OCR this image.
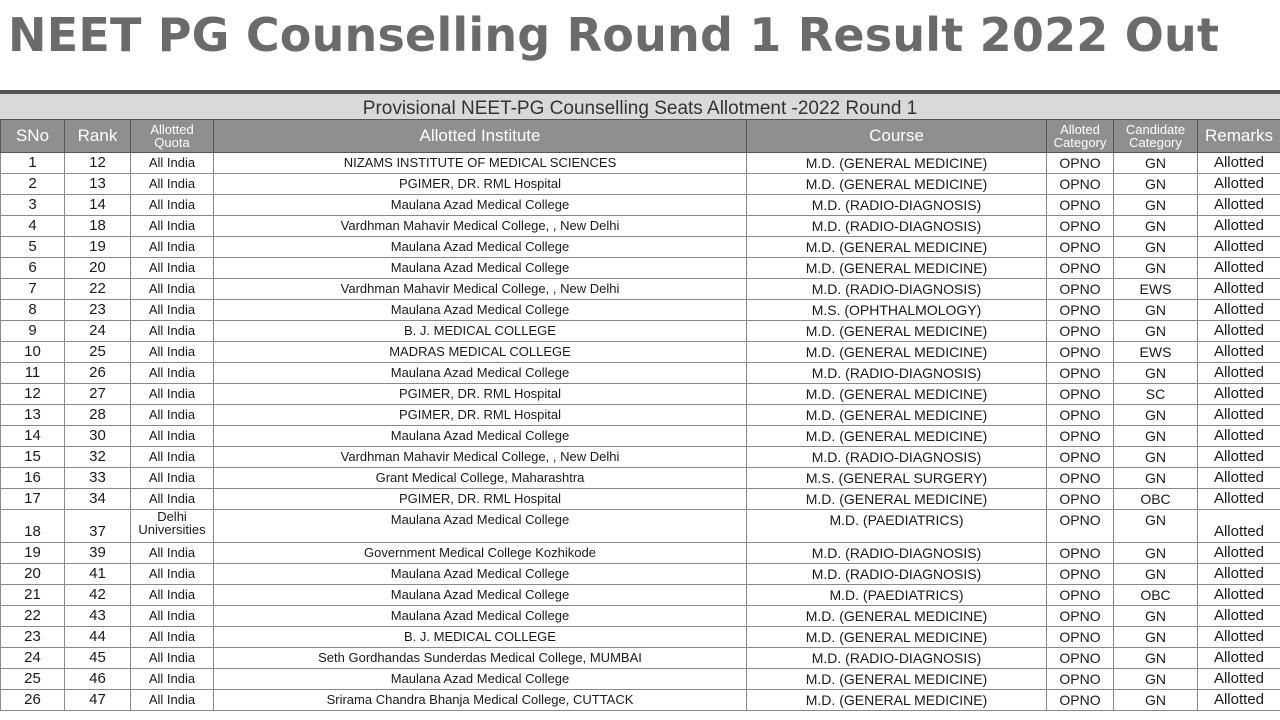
NEET PG Counselling Round 1 Result 2022 Out
Provisional NEET-PG Counselling Seats Allotment -2022 Round 1
SNo	Rank	Allotted Quota	Allotted Institute	Course	Alloted Category	Candidate Category	Remarks
1	12	All India	NIZAMS INSTITUTE OF MEDICAL SCIENCES	M.D. (GENERAL MEDICINE)	OPNO	GN	Allotted
2	13	All India	PGIMER, DR. RML Hospital	M.D. (GENERAL MEDICINE)	OPNO	GN	Allotted
3	14	All India	Maulana Azad Medical College	M.D. (RADIO-DIAGNOSIS)	OPNO	GN	Allotted
4	18	All India	Vardhman Mahavir Medical College, , New Delhi	M.D. (RADIO-DIAGNOSIS)	OPNO	GN	Allotted
5	19	All India	Maulana Azad Medical College	M.D. (GENERAL MEDICINE)	OPNO	GN	Allotted
6	20	All India	Maulana Azad Medical College	M.D. (GENERAL MEDICINE)	OPNO	GN	Allotted
7	22	All India	Vardhman Mahavir Medical College, , New Delhi	M.D. (RADIO-DIAGNOSIS)	OPNO	EWS	Allotted
8	23	All India	Maulana Azad Medical College	M.S. (OPHTHALMOLOGY)	OPNO	GN	Allotted
9	24	All India	B. J. MEDICAL COLLEGE	M.D. (GENERAL MEDICINE)	OPNO	GN	Allotted
10	25	All India	MADRAS MEDICAL COLLEGE	M.D. (GENERAL MEDICINE)	OPNO	EWS	Allotted
11	26	All India	Maulana Azad Medical College	M.D. (RADIO-DIAGNOSIS)	OPNO	GN	Allotted
12	27	All India	PGIMER, DR. RML Hospital	M.D. (GENERAL MEDICINE)	OPNO	SC	Allotted
13	28	All India	PGIMER, DR. RML Hospital	M.D. (GENERAL MEDICINE)	OPNO	GN	Allotted
14	30	All India	Maulana Azad Medical College	M.D. (GENERAL MEDICINE)	OPNO	GN	Allotted
15	32	All India	Vardhman Mahavir Medical College, , New Delhi	M.D. (RADIO-DIAGNOSIS)	OPNO	GN	Allotted
16	33	All India	Grant Medical College, Maharashtra	M.S. (GENERAL SURGERY)	OPNO	GN	Allotted
17	34	All India	PGIMER, DR. RML Hospital	M.D. (GENERAL MEDICINE)	OPNO	OBC	Allotted
18	37	Delhi Universities	Maulana Azad Medical College	M.D. (PAEDIATRICS)	OPNO	GN	Allotted
19	39	All India	Government Medical College Kozhikode	M.D. (RADIO-DIAGNOSIS)	OPNO	GN	Allotted
20	41	All India	Maulana Azad Medical College	M.D. (RADIO-DIAGNOSIS)	OPNO	GN	Allotted
21	42	All India	Maulana Azad Medical College	M.D. (PAEDIATRICS)	OPNO	OBC	Allotted
22	43	All India	Maulana Azad Medical College	M.D. (GENERAL MEDICINE)	OPNO	GN	Allotted
23	44	All India	B. J. MEDICAL COLLEGE	M.D. (GENERAL MEDICINE)	OPNO	GN	Allotted
24	45	All India	Seth Gordhandas Sunderdas Medical College, MUMBAI	M.D. (RADIO-DIAGNOSIS)	OPNO	GN	Allotted
25	46	All India	Maulana Azad Medical College	M.D. (GENERAL MEDICINE)	OPNO	GN	Allotted
26	47	All India	Srirama Chandra Bhanja Medical College, CUTTACK	M.D. (GENERAL MEDICINE)	OPNO	GN	Allotted
